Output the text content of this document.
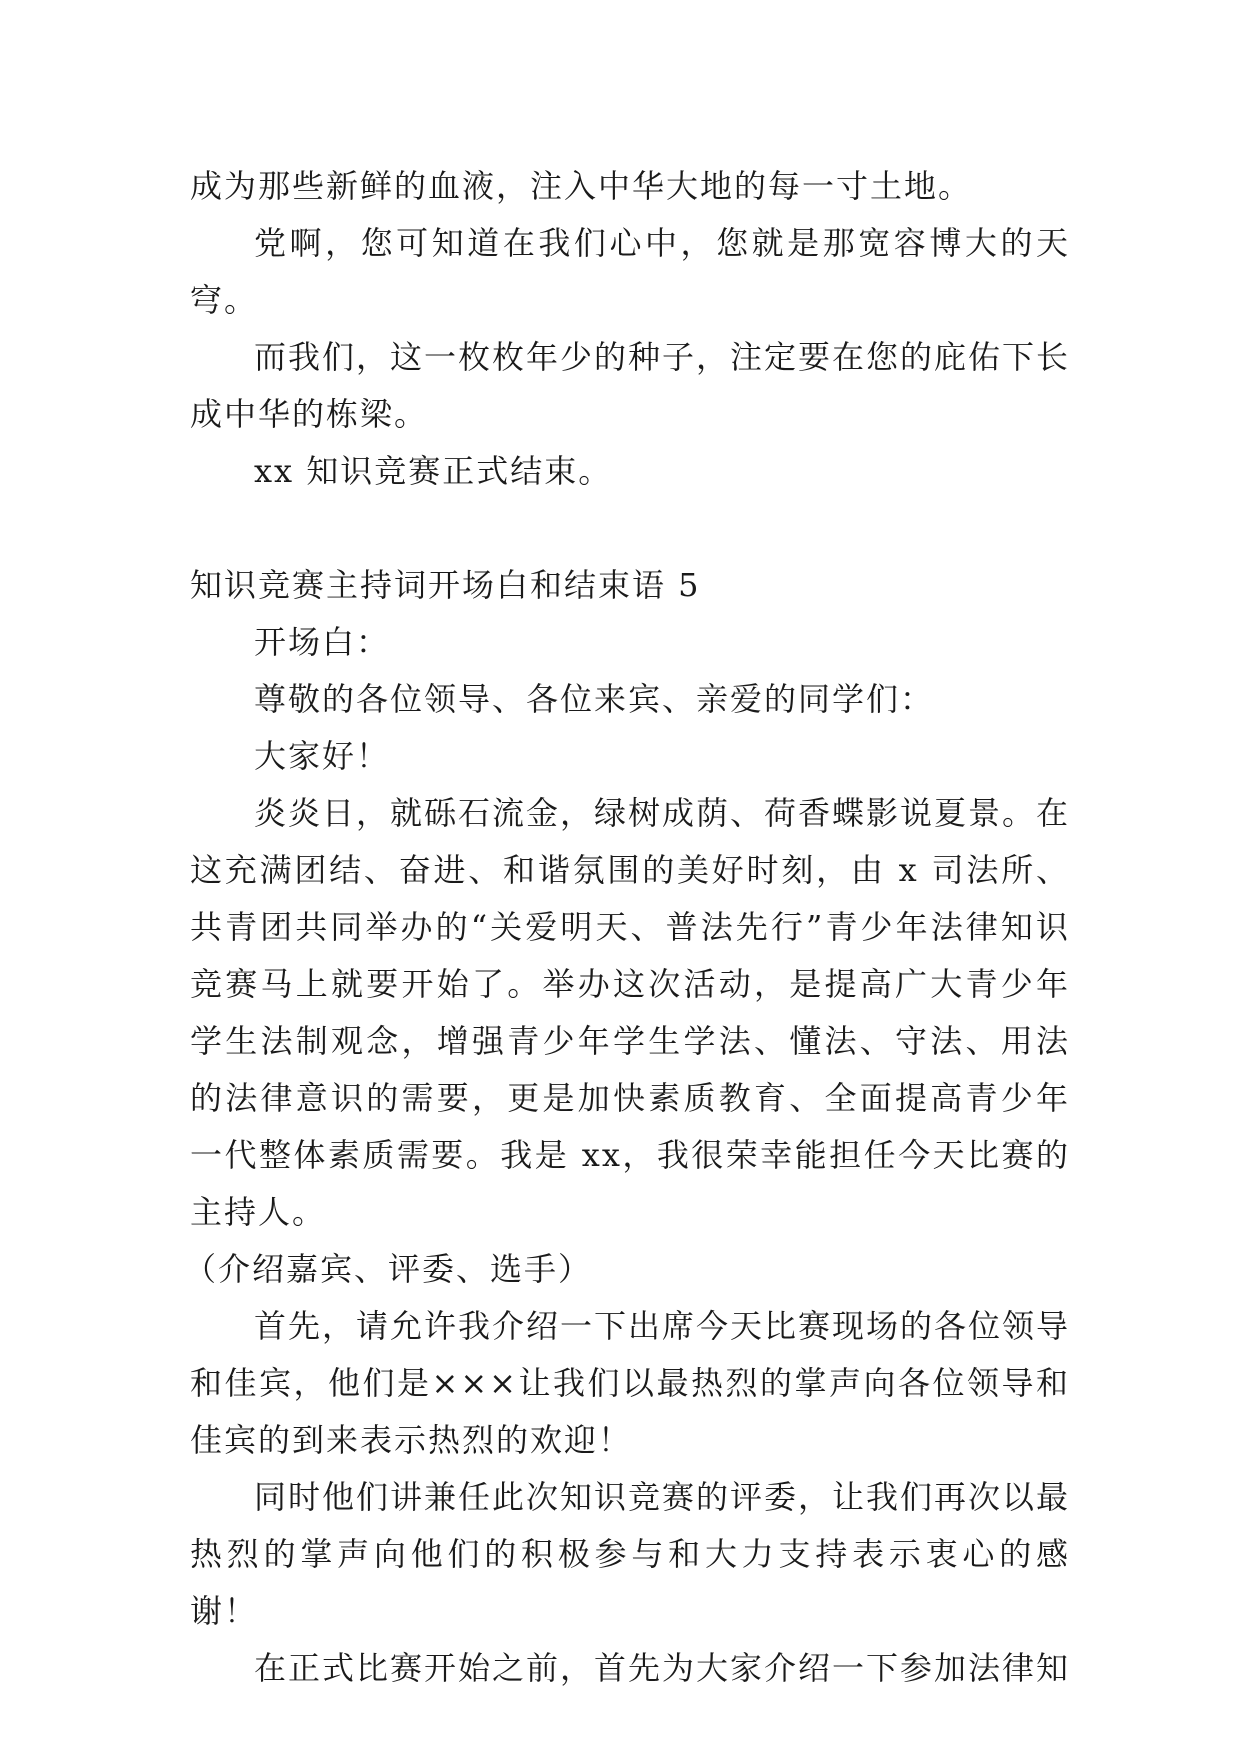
成为那些新鲜的血液，注入中华大地的每一寸土地。

党啊，您可知道在我们心中，您就是那宽容博大的天穹。

而我们，这一枚枚年少的种子，注定要在您的庇佑下长成中华的栋梁。

xx 知识竞赛正式结束。

知识竞赛主持词开场白和结束语 5

开场白：

尊敬的各位领导、各位来宾、亲爱的同学们：

大家好！

炎炎日，就砾石流金，绿树成荫、荷香蝶影说夏景。在这充满团结、奋进、和谐氛围的美好时刻，由 x 司法所、共青团共同举办的“关爱明天、普法先行”青少年法律知识竞赛马上就要开始了。举办这次活动，是提高广大青少年学生法制观念，增强青少年学生学法、懂法、守法、用法的法律意识的需要，更是加快素质教育、全面提高青少年一代整体素质需要。我是 xx，我很荣幸能担任今天比赛的主持人。

（介绍嘉宾、评委、选手）

首先，请允许我介绍一下出席今天比赛现场的各位领导和佳宾，他们是×××让我们以最热烈的掌声向各位领导和佳宾的到来表示热烈的欢迎！

同时他们讲兼任此次知识竞赛的评委，让我们再次以最热烈的掌声向他们的积极参与和大力支持表示衷心的感谢！

在正式比赛开始之前，首先为大家介绍一下参加法律知
